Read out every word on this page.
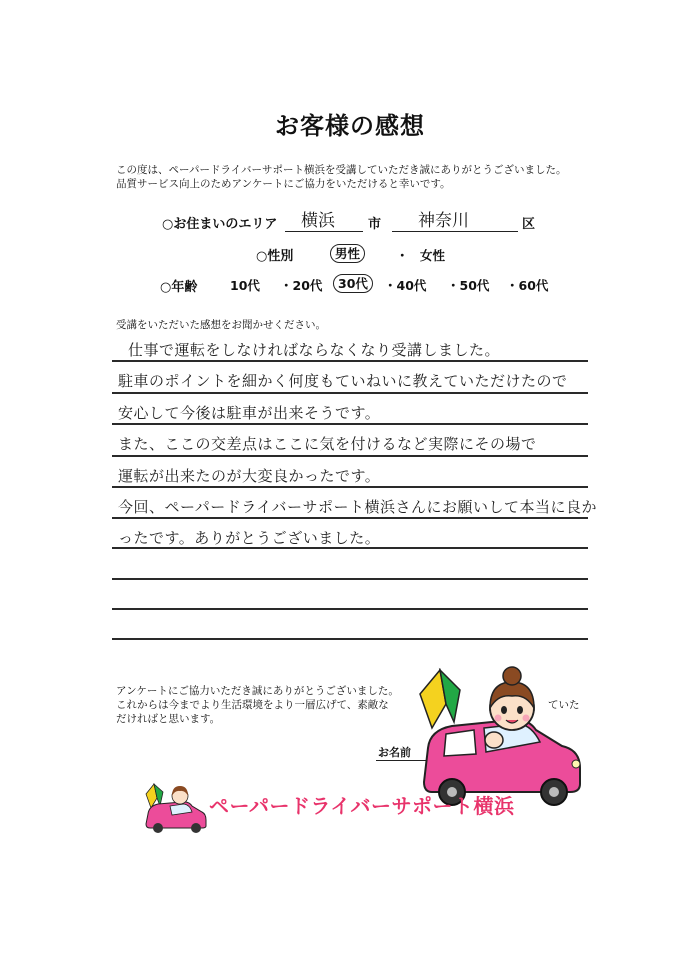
お客様の感想
この度は、ペーパードライバーサポート横浜を受講していただき誠にありがとうございました。
品質サービス向上のためアンケートにご協力をいただけると幸いです。
○お住まいのエリア 横浜	市 神奈川	区
○性別	男性	・ 女性
○年齢	10代 ・20代	30代	・40代 ・50代 ・60代
受講をいただいた感想をお聞かせください。
仕事で運転をしなければならなくなり受講しました。
駐車のポイントを細かく何度もていねいに教えていただけたので
安心して今後は駐車が出来そうです。
また、ここの交差点はここに気を付けるなど実際にその場で
運転が出来たのが大変良かったです。
今回、ペーパードライバーサポート横浜さんにお願いして本当に良か
ったです。ありがとうございました。
アンケートにご協力いただき誠にありがとうございました。
これからは今までより生活環境をより一層広げて、素敵な	ていた
だければと思います。
お名前
ペーパードライバーサポート横浜
